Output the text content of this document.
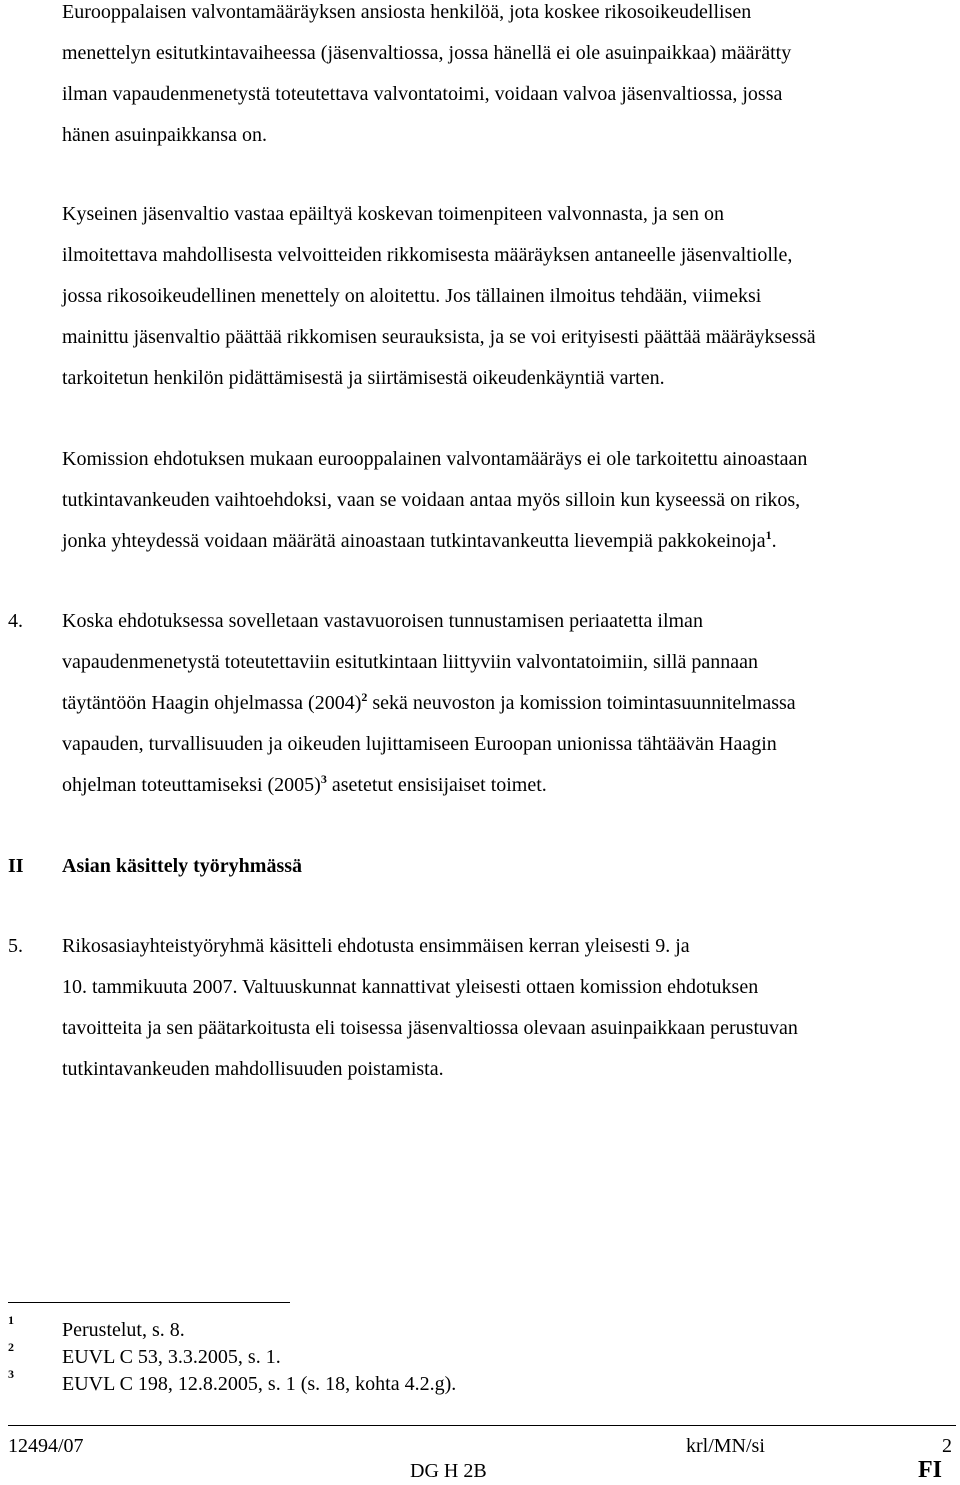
Eurooppalaisen valvontamääräyksen ansiosta henkilöä, jota koskee rikosoikeudellisen
menettelyn esitutkintavaiheessa (jäsenvaltiossa, jossa hänellä ei ole asuinpaikkaa) määrätty
ilman vapaudenmenetystä toteutettava valvontatoimi, voidaan valvoa jäsenvaltiossa, jossa
hänen asuinpaikkansa on.
Kyseinen jäsenvaltio vastaa epäiltyä koskevan toimenpiteen valvonnasta, ja sen on
ilmoitettava mahdollisesta velvoitteiden rikkomisesta määräyksen antaneelle jäsenvaltiolle,
jossa rikosoikeudellinen menettely on aloitettu. Jos tällainen ilmoitus tehdään, viimeksi
mainittu jäsenvaltio päättää rikkomisen seurauksista, ja se voi erityisesti päättää määräyksessä
tarkoitetun henkilön pidättämisestä ja siirtämisestä oikeudenkäyntiä varten.
Komission ehdotuksen mukaan eurooppalainen valvontamääräys ei ole tarkoitettu ainoastaan
tutkintavankeuden vaihtoehdoksi, vaan se voidaan antaa myös silloin kun kyseessä on rikos,
jonka yhteydessä voidaan määrätä ainoastaan tutkintavankeutta lievempiä pakkokeinoja$^1$.
4. Koska ehdotuksessa sovelletaan vastavuoroisen tunnustamisen periaatetta ilman
vapaudenmenetystä toteutettaviin esitutkintaan liittyviin valvontatoimiin, sillä pannaan
täytäntöön Haagin ohjelmassa $(2004)^2$ sekä neuvoston ja komission toimintasuunnitelmassa
vapauden, turvallisuuden ja oikeuden lujittamiseen Euroopan unionissa tähtäävän Haagin
ohjelman toteuttamiseksi $(2005)^3$ asetetut ensisijaiset toimet.
II Asian käsittely työryhmässä
5. Rikosasiayhteistyöryhmä käsitteli ehdotusta ensimmäisen kerran yleisesti 9. ja
10. tammikuuta 2007. Valtuuskunnat kannattivat yleisesti ottaen komission ehdotuksen
tavoitteita ja sen päätarkoitusta eli toisessa jäsenvaltiossa olevaan asuinpaikkaan perustuvan
tutkintavankeuden mahdollisuuden poistamista.
1 Perustelut, s. 8.
2 EUVL C 53, 3.3.2005, s. 1.
3 EUVL C 198, 12.8.2005, s. 1 (s. 18, kohta 4.2.g).
12494/07	krl/MN/si	2
DG H 2B	FI
